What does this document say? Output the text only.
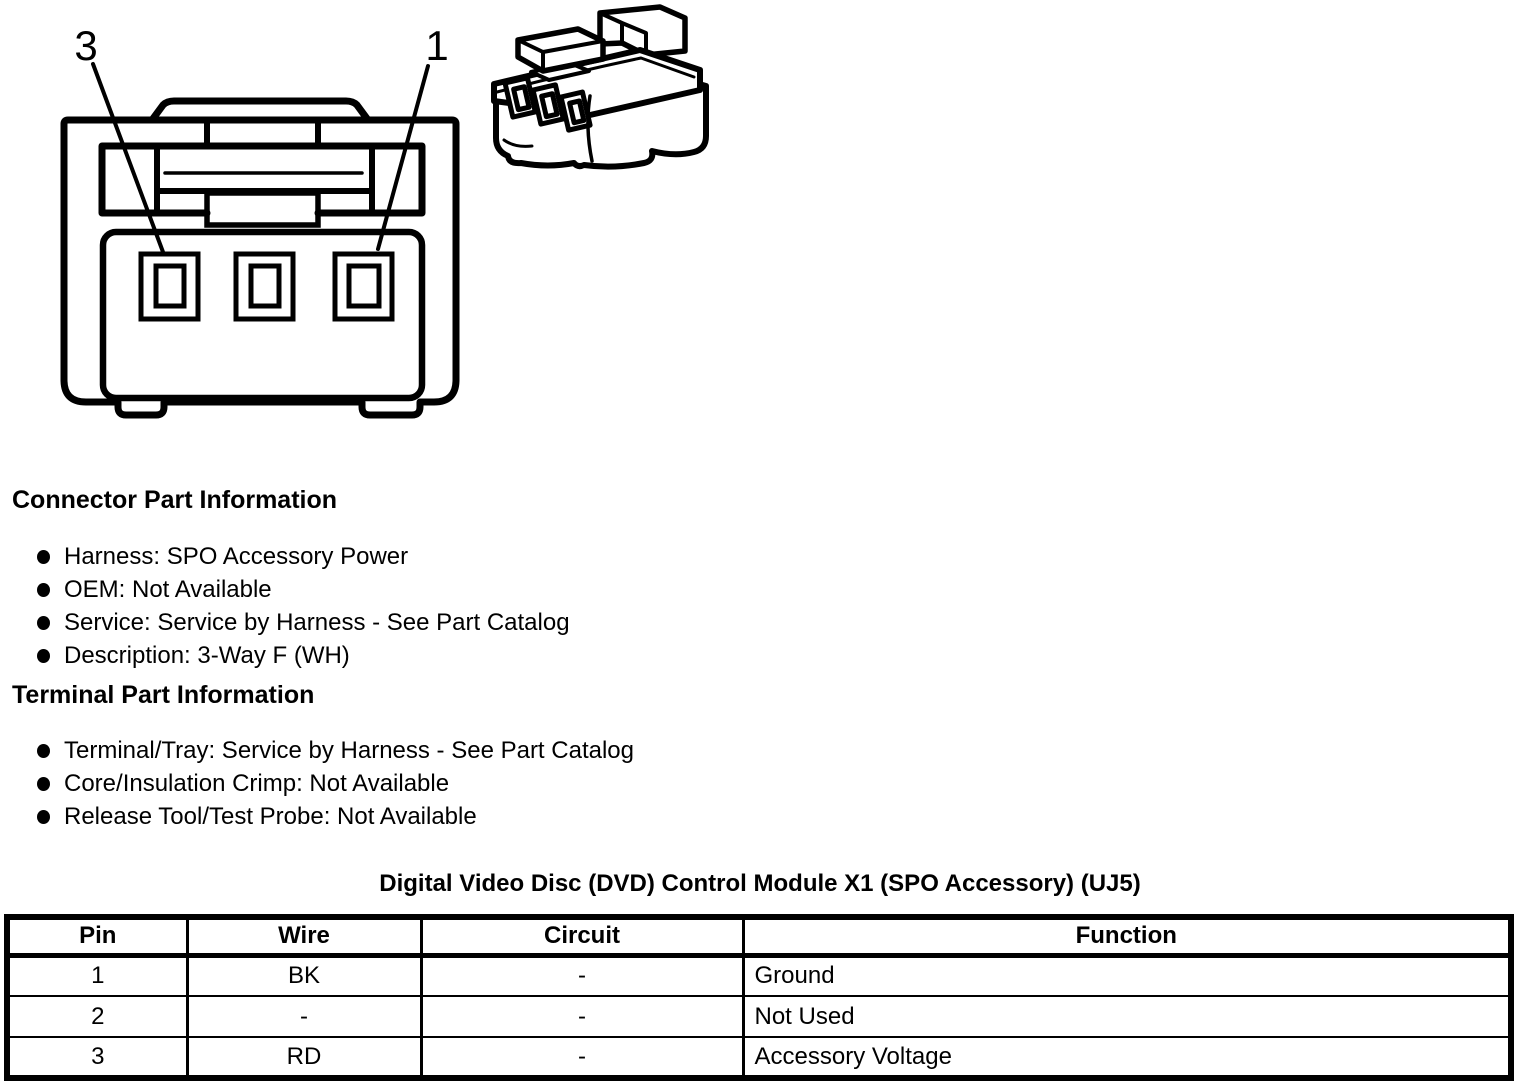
3	1
Connector Part Information
Harness: SPO Accessory Power
OEM: Not Available
Service: Service by Harness - See Part Catalog
Description: 3-Way F (WH)
Terminal Part Information
Terminal/Tray: Service by Harness - See Part Catalog
Core/Insulation Crimp: Not Available
Release Tool/Test Probe: Not Available
Digital Video Disc (DVD) Control Module X1 (SPO Accessory) (UJ5)
Pin	Wire	Circuit	Function
1	BK	-	Ground
2	-	-	Not Used
3	RD	-	Accessory Voltage
